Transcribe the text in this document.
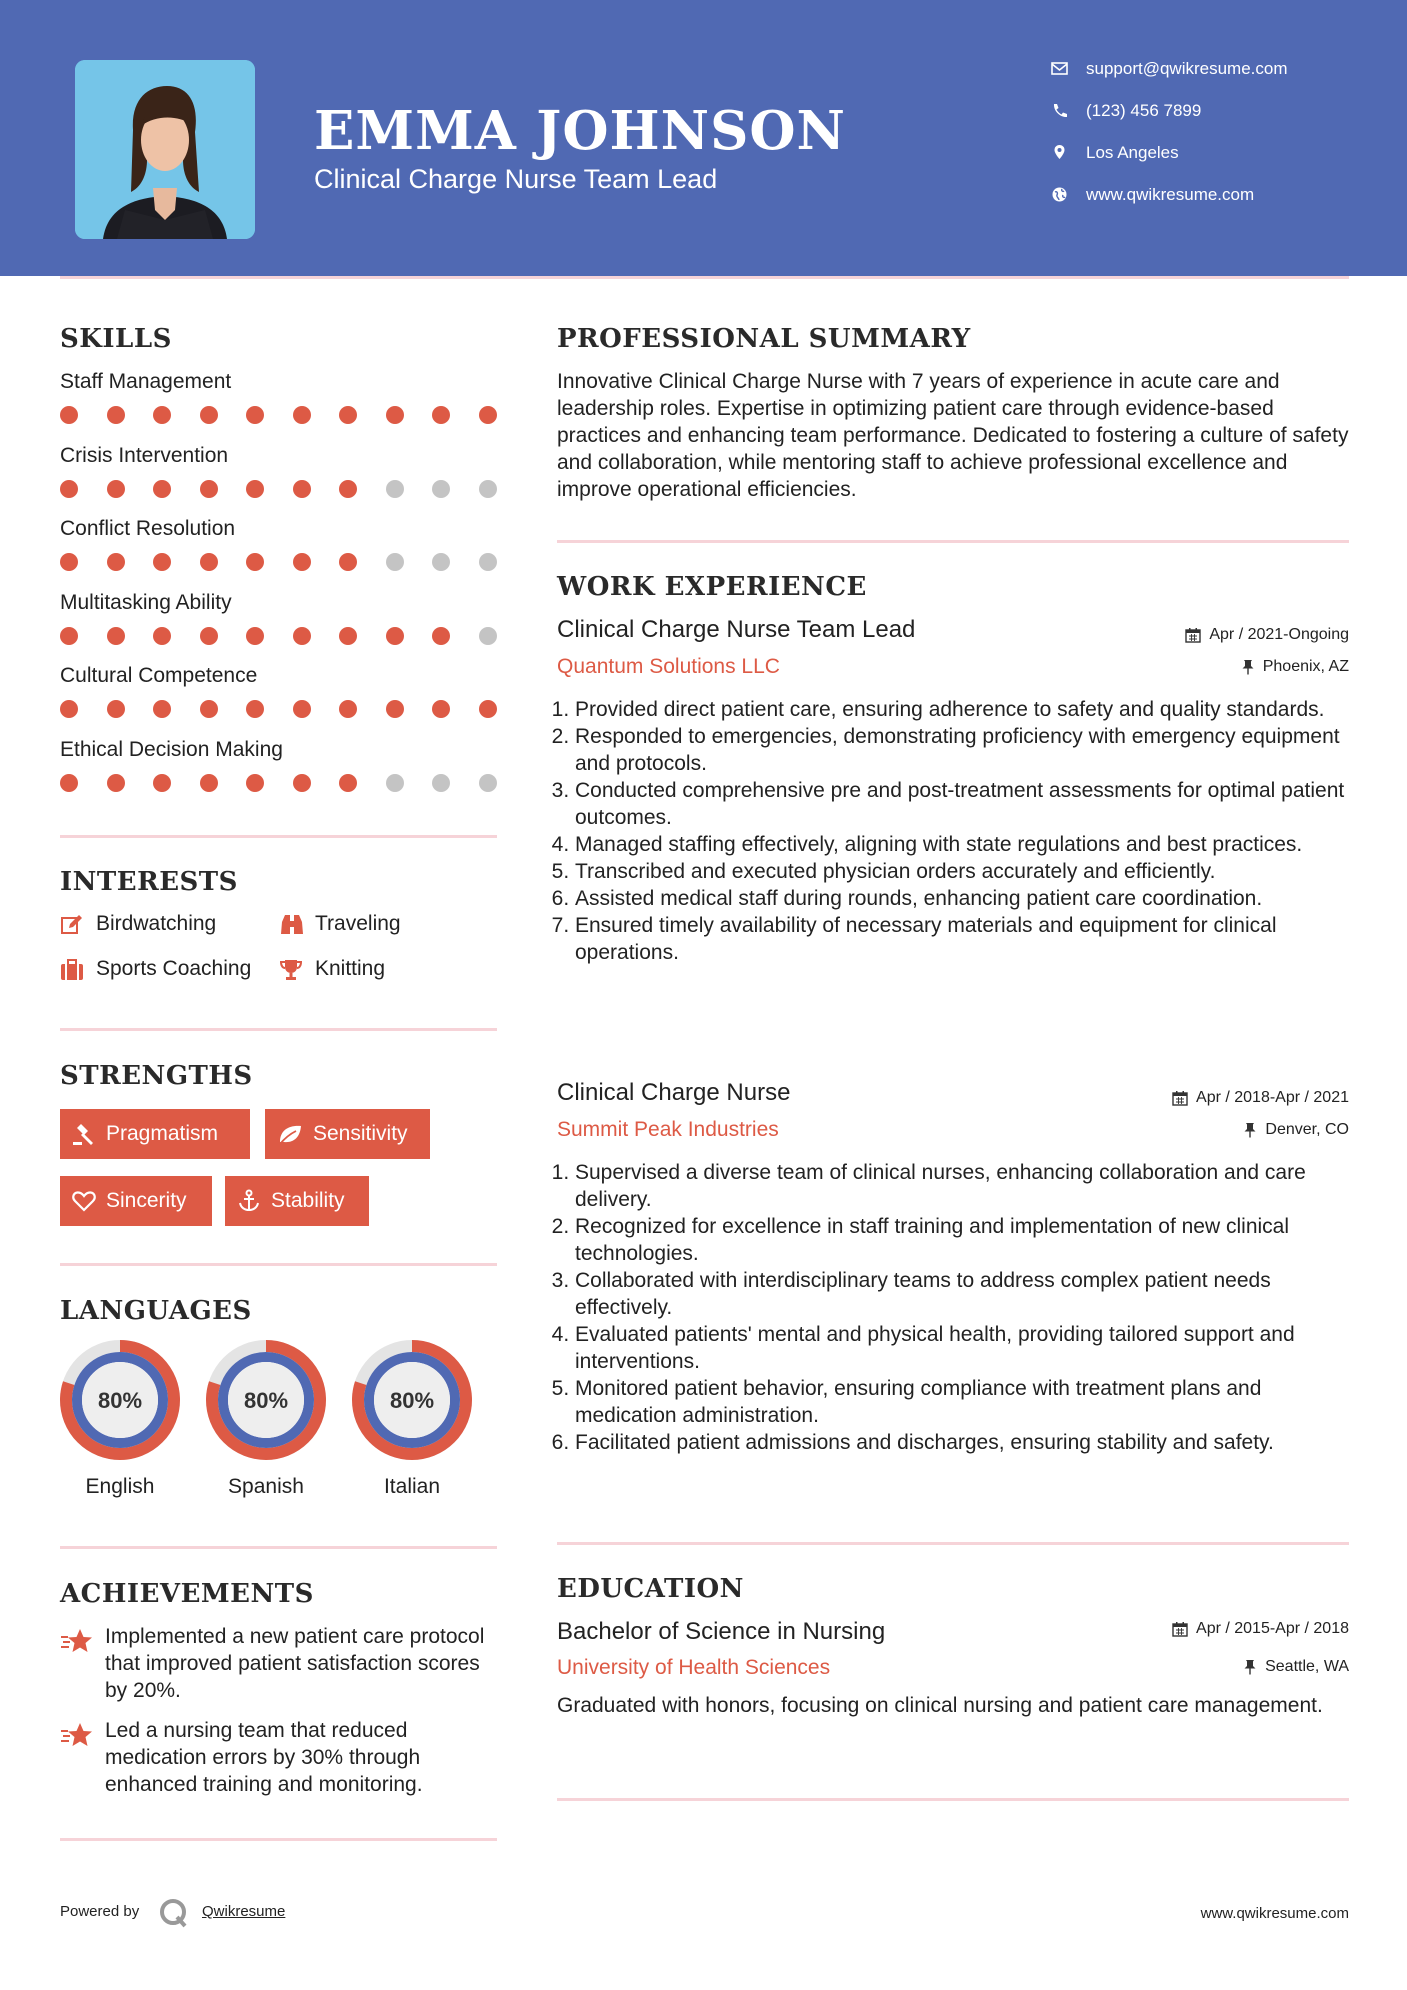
EMMA JOHNSON
Clinical Charge Nurse Team Lead
support@qwikresume.com
(123) 456 7899
Los Angeles
www.qwikresume.com
SKILLS
Staff Management
Crisis Intervention
Conflict Resolution
Multitasking Ability
Cultural Competence
Ethical Decision Making
INTERESTS
Birdwatching	Traveling
Sports Coaching	Knitting
STRENGTHS
Pragmatism	Sensitivity
Sincerity	Stability
LANGUAGES
80%
English
80%
Spanish
80%
Italian
ACHIEVEMENTS
Implemented a new patient care protocol that improved patient satisfaction scores by 20%.
Led a nursing team that reduced medication errors by 30% through enhanced training and monitoring.
PROFESSIONAL SUMMARY
Innovative Clinical Charge Nurse with 7 years of experience in acute care and leadership roles. Expertise in optimizing patient care through evidence-based practices and enhancing team performance. Dedicated to fostering a culture of safety and collaboration, while mentoring staff to achieve professional excellence and improve operational efficiencies.
WORK EXPERIENCE
Clinical Charge Nurse Team Lead	Apr / 2021-Ongoing
Quantum Solutions LLC	Phoenix, AZ
1. Provided direct patient care, ensuring adherence to safety and quality standards.
2. Responded to emergencies, demonstrating proficiency with emergency equipment and protocols.
3. Conducted comprehensive pre and post-treatment assessments for optimal patient outcomes.
4. Managed staffing effectively, aligning with state regulations and best practices.
5. Transcribed and executed physician orders accurately and efficiently.
6. Assisted medical staff during rounds, enhancing patient care coordination.
7. Ensured timely availability of necessary materials and equipment for clinical operations.
Clinical Charge Nurse	Apr / 2018-Apr / 2021
Summit Peak Industries	Denver, CO
1. Supervised a diverse team of clinical nurses, enhancing collaboration and care delivery.
2. Recognized for excellence in staff training and implementation of new clinical technologies.
3. Collaborated with interdisciplinary teams to address complex patient needs effectively.
4. Evaluated patients' mental and physical health, providing tailored support and interventions.
5. Monitored patient behavior, ensuring compliance with treatment plans and medication administration.
6. Facilitated patient admissions and discharges, ensuring stability and safety.
EDUCATION
Bachelor of Science in Nursing	Apr / 2015-Apr / 2018
University of Health Sciences	Seattle, WA
Graduated with honors, focusing on clinical nursing and patient care management.
Powered by	Qwikresume	www.qwikresume.com
